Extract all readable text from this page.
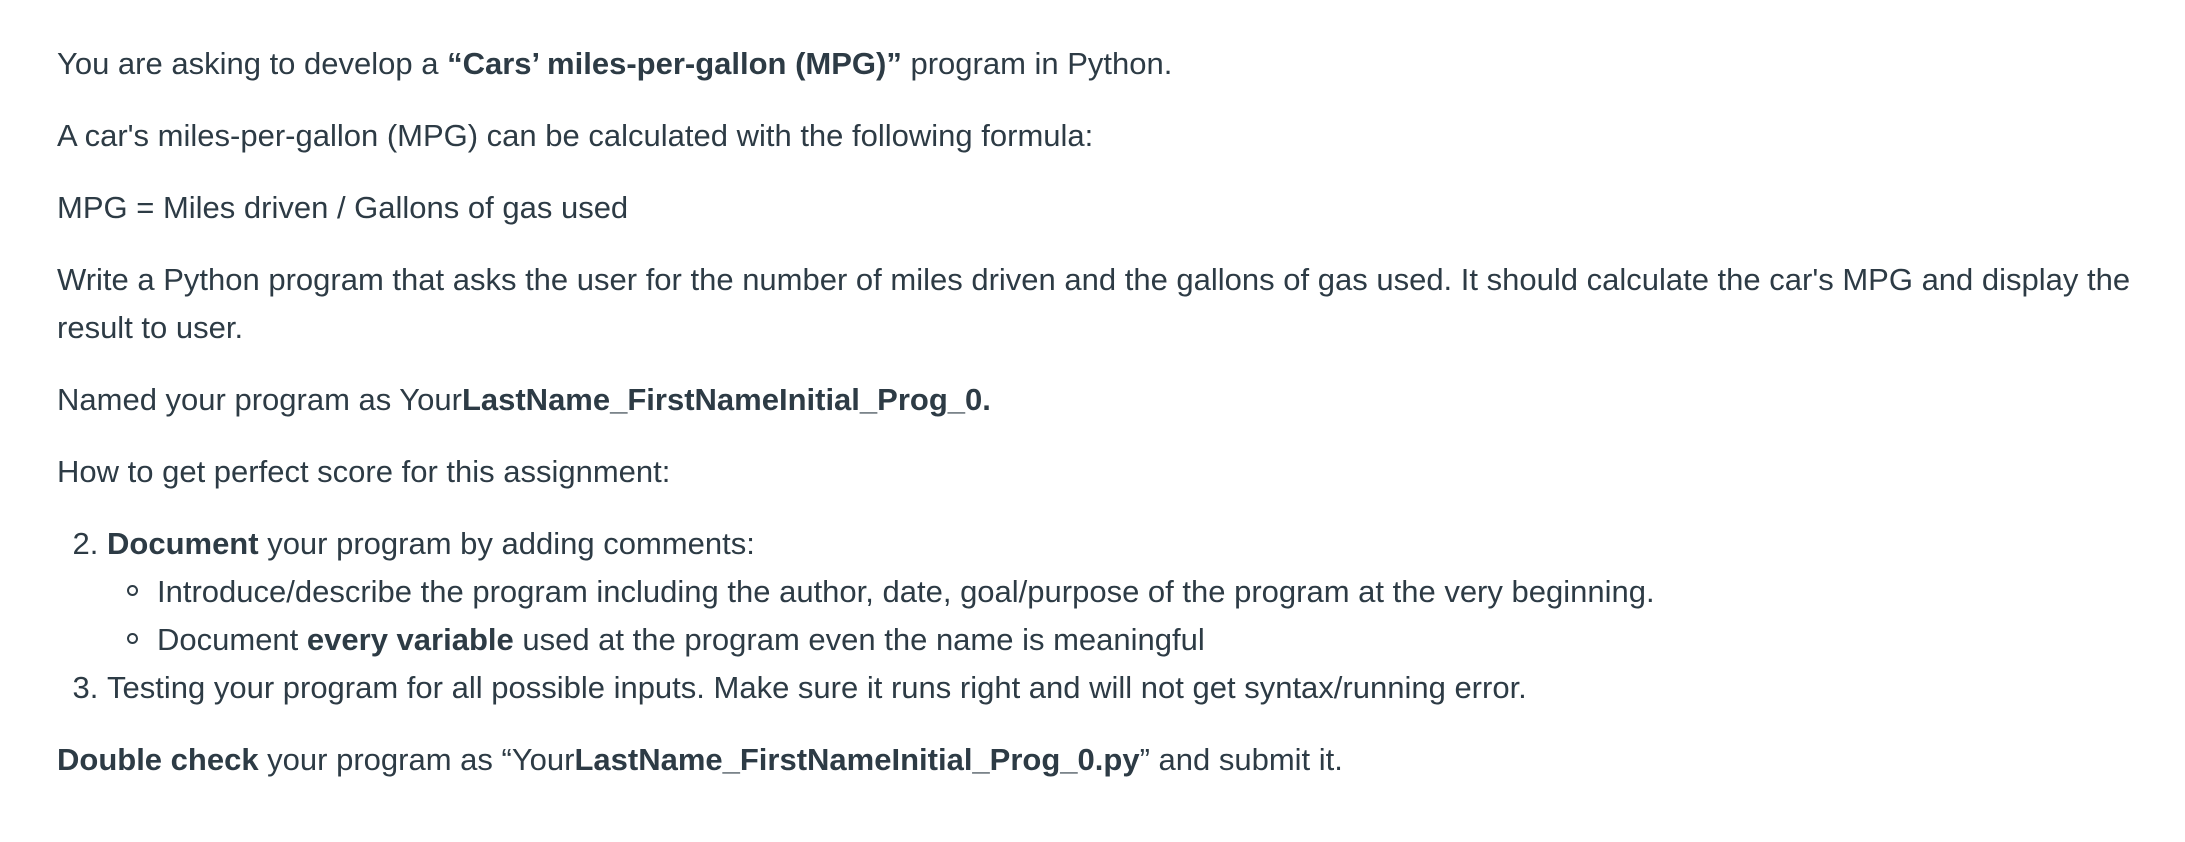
You are asking to develop a “Cars’ miles-per-gallon (MPG)” program in Python.

A car's miles-per-gallon (MPG) can be calculated with the following formula:

MPG = Miles driven / Gallons of gas used

Write a Python program that asks the user for the number of miles driven and the gallons of gas used. It should calculate the car's MPG and display the result to user.

Named your program as YourLastName_FirstNameInitial_Prog_0.

How to get perfect score for this assignment:

2. Document your program by adding comments:
Introduce/describe the program including the author, date, goal/purpose of the program at the very beginning.
Document every variable used at the program even the name is meaningful
3. Testing your program for all possible inputs. Make sure it runs right and will not get syntax/running error.

Double check your program as “YourLastName_FirstNameInitial_Prog_0.py” and submit it.
